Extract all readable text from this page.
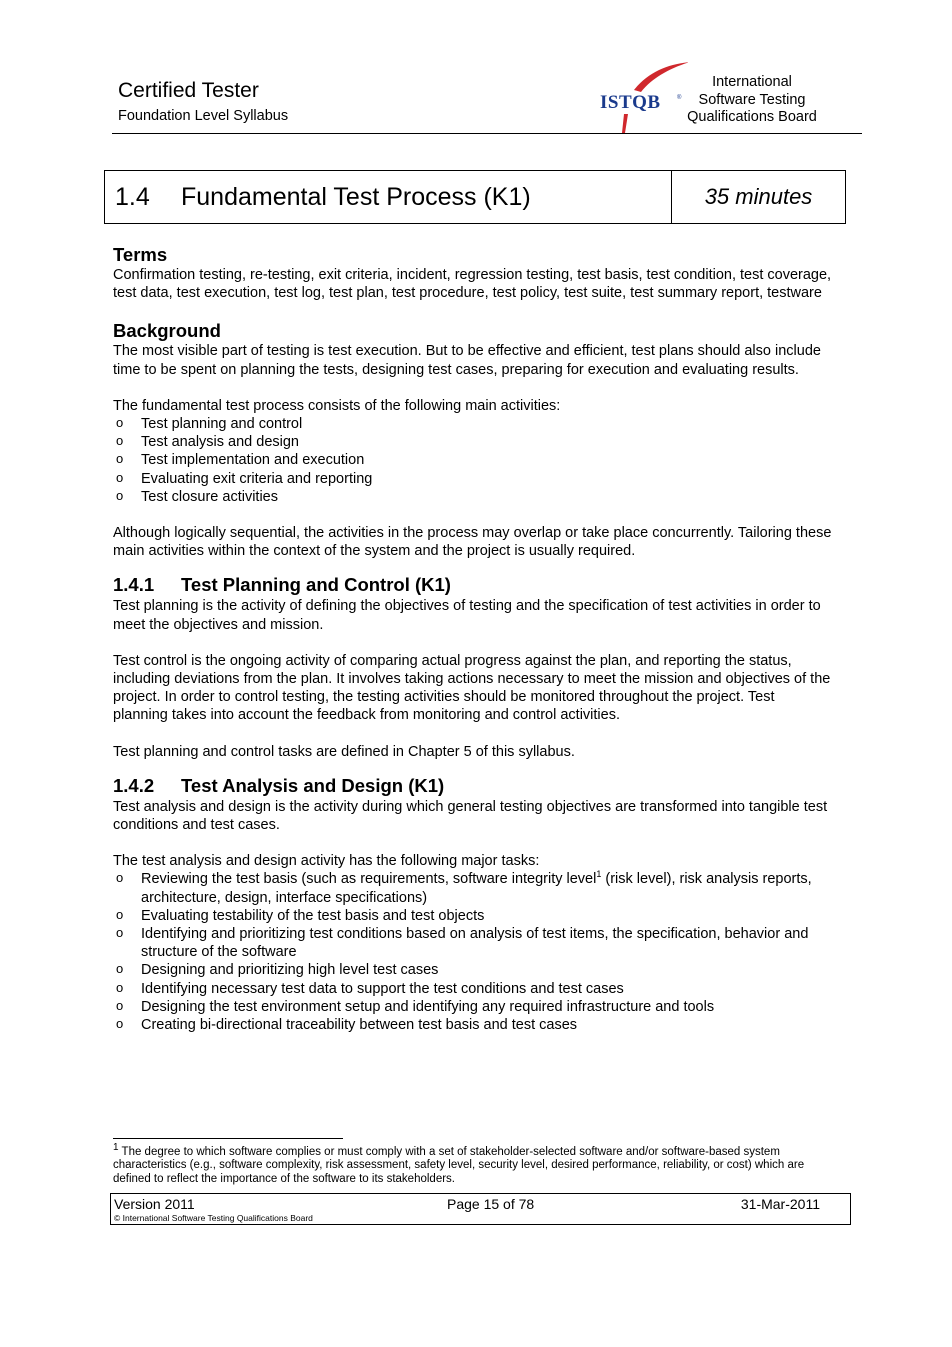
Certified Tester
Foundation Level Syllabus
ISTQB	®
International
Software Testing
Qualifications Board
1.4	Fundamental Test Process (K1)	35 minutes
Terms

Confirmation testing, re-testing, exit criteria, incident, regression testing, test basis, test condition, test coverage, test data, test execution, test log, test plan, test procedure, test policy, test suite, test summary report, testware

Background

The most visible part of testing is test execution. But to be effective and efficient, test plans should also include time to be spent on planning the tests, designing test cases, preparing for execution and evaluating results.

The fundamental test process consists of the following main activities:

o Test planning and control
o Test analysis and design
o Test implementation and execution
o Evaluating exit criteria and reporting
o Test closure activities

Although logically sequential, the activities in the process may overlap or take place concurrently. Tailoring these main activities within the context of the system and the project is usually required.

1.4.1 Test Planning and Control (K1)

Test planning is the activity of defining the objectives of testing and the specification of test activities in order to meet the objectives and mission.

Test control is the ongoing activity of comparing actual progress against the plan, and reporting the status, including deviations from the plan. It involves taking actions necessary to meet the mission and objectives of the project. In order to control testing, the testing activities should be monitored throughout the project. Test planning takes into account the feedback from monitoring and control activities.

Test planning and control tasks are defined in Chapter 5 of this syllabus.

1.4.2 Test Analysis and Design (K1)

Test analysis and design is the activity during which general testing objectives are transformed into tangible test conditions and test cases.

The test analysis and design activity has the following major tasks:

o Reviewing the test basis (such as requirements, software integrity level$^1$ (risk level), risk analysis reports, architecture, design, interface specifications)
o Evaluating testability of the test basis and test objects
o Identifying and prioritizing test conditions based on analysis of test items, the specification, behavior and structure of the software
o Designing and prioritizing high level test cases
o Identifying necessary test data to support the test conditions and test cases
o Designing the test environment setup and identifying any required infrastructure and tools
o Creating bi-directional traceability between test basis and test cases
$^1$ The degree to which software complies or must comply with a set of stakeholder-selected software and/or software-based system characteristics (e.g., software complexity, risk assessment, safety level, security level, desired performance, reliability, or cost) which are defined to reflect the importance of the software to its stakeholders.
Version 2011
© International Software Testing Qualifications Board
Page 15 of 78	31-Mar-2011
